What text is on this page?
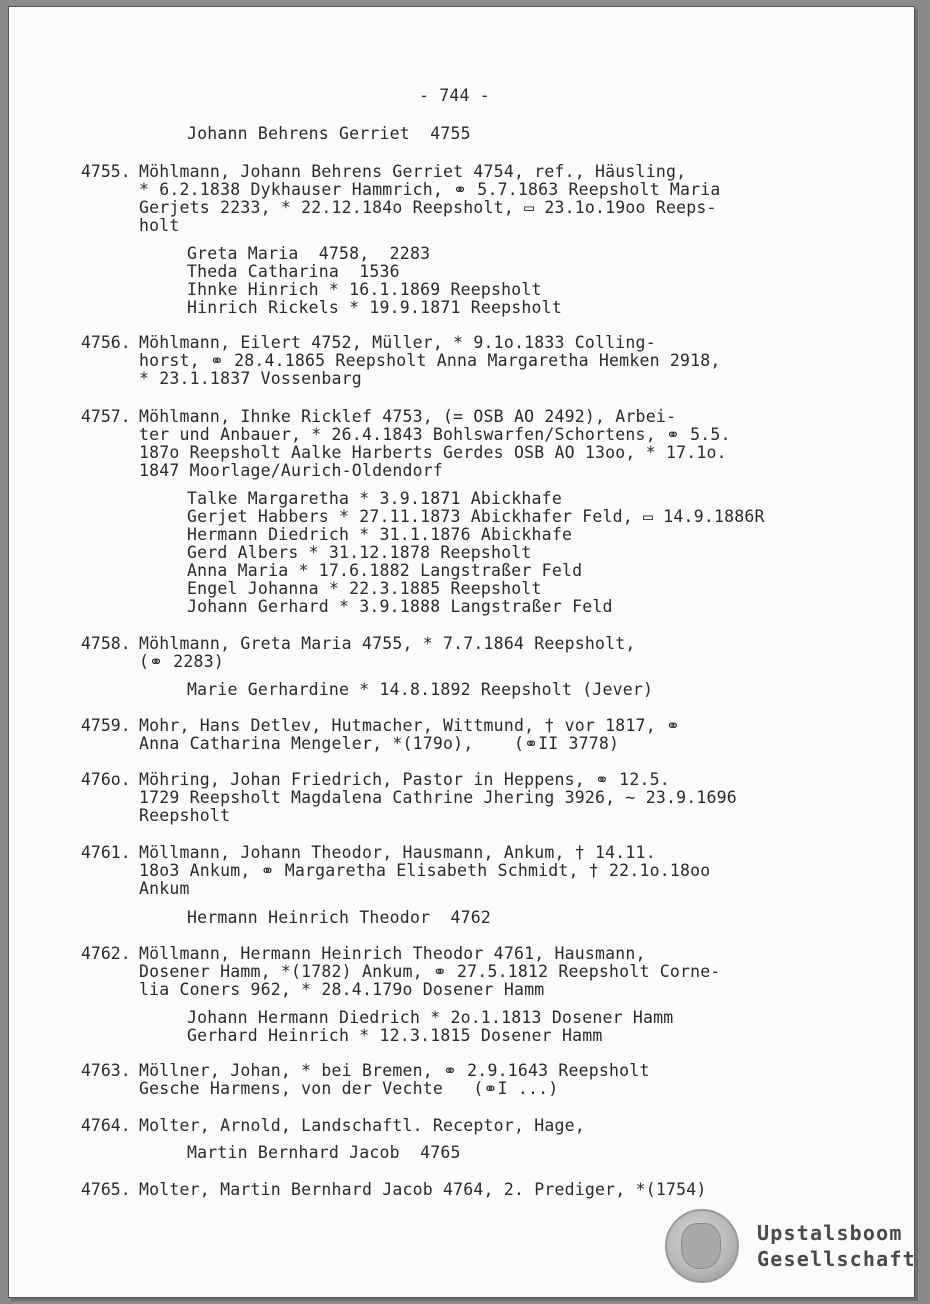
- 744 -

Johann Behrens Gerriet  4755

4755. Möhlmann, Johann Behrens Gerriet 4754, ref., Häusling,

* 6.2.1838 Dykhauser Hammrich, ⚭ 5.7.1863 Reepsholt Maria

Gerjets 2233, * 22.12.184o Reepsholt, ▭ 23.1o.19oo Reeps-

holt

Greta Maria  4758,  2283

Theda Catharina  1536

Ihnke Hinrich * 16.1.1869 Reepsholt

Hinrich Rickels * 19.9.1871 Reepsholt

4756. Möhlmann, Eilert 4752, Müller, * 9.1o.1833 Colling-

horst, ⚭ 28.4.1865 Reepsholt Anna Margaretha Hemken 2918,

* 23.1.1837 Vossenbarg

4757. Möhlmann, Ihnke Ricklef 4753, (= OSB AO 2492), Arbei-

ter und Anbauer, * 26.4.1843 Bohlswarfen/Schortens, ⚭ 5.5.

187o Reepsholt Aalke Harberts Gerdes OSB AO 13oo, * 17.1o.

1847 Moorlage/Aurich-Oldendorf

Talke Margaretha * 3.9.1871 Abickhafe

Gerjet Habbers * 27.11.1873 Abickhafer Feld, ▭ 14.9.1886R

Hermann Diedrich * 31.1.1876 Abickhafe

Gerd Albers * 31.12.1878 Reepsholt

Anna Maria * 17.6.1882 Langstraßer Feld

Engel Johanna * 22.3.1885 Reepsholt

Johann Gerhard * 3.9.1888 Langstraßer Feld

4758. Möhlmann, Greta Maria 4755, * 7.7.1864 Reepsholt,

(⚭ 2283)

Marie Gerhardine * 14.8.1892 Reepsholt (Jever)

4759. Mohr, Hans Detlev, Hutmacher, Wittmund, † vor 1817, ⚭

Anna Catharina Mengeler, *(179o),    (⚭II 3778)

476o. Möhring, Johan Friedrich, Pastor in Heppens, ⚭ 12.5.

1729 Reepsholt Magdalena Cathrine Jhering 3926, ∼ 23.9.1696

Reepsholt

4761. Möllmann, Johann Theodor, Hausmann, Ankum, † 14.11.

18o3 Ankum, ⚭ Margaretha Elisabeth Schmidt, † 22.1o.18oo

Ankum

Hermann Heinrich Theodor  4762

4762. Möllmann, Hermann Heinrich Theodor 4761, Hausmann,

Dosener Hamm, *(1782) Ankum, ⚭ 27.5.1812 Reepsholt Corne-

lia Coners 962, * 28.4.179o Dosener Hamm

Johann Hermann Diedrich * 2o.1.1813 Dosener Hamm

Gerhard Heinrich * 12.3.1815 Dosener Hamm

4763. Möllner, Johan, * bei Bremen, ⚭ 2.9.1643 Reepsholt

Gesche Harmens, von der Vechte   (⚭I ...)

4764. Molter, Arnold, Landschaftl. Receptor, Hage,

Martin Bernhard Jacob  4765

4765. Molter, Martin Bernhard Jacob 4764, 2. Prediger, *(1754)

Upstalsboom
Gesellschaft
